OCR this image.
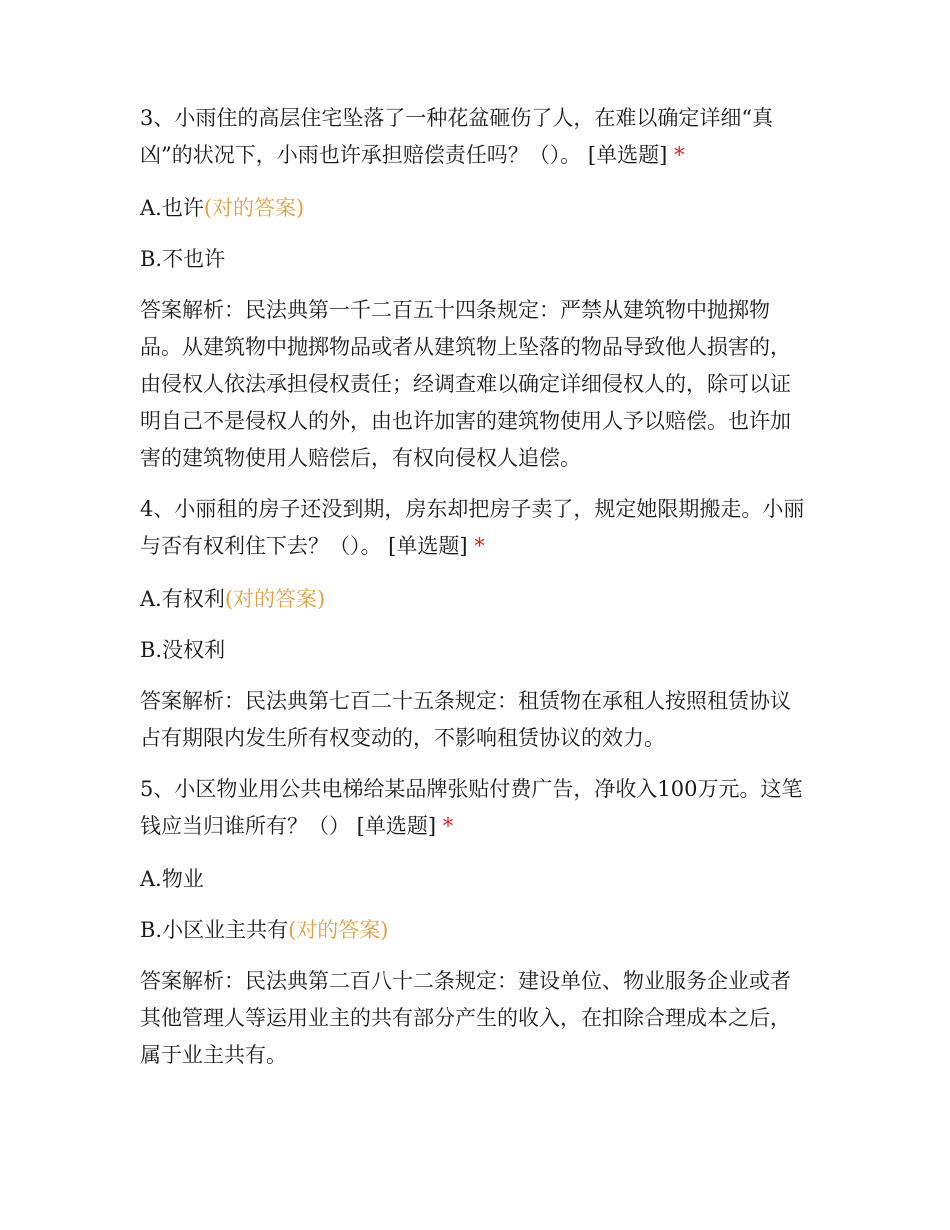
3、小雨住的高层住宅坠落了一种花盆砸伤了人，在难以确定详细“真凶”的状况下，小雨也许承担赔偿责任吗？（）。 [单选题] *
A.也许(对的答案)
B.不也许
答案解析：民法典第一千二百五十四条规定：严禁从建筑物中抛掷物品。从建筑物中抛掷物品或者从建筑物上坠落的物品导致他人损害的，由侵权人依法承担侵权责任；经调查难以确定详细侵权人的，除可以证明自己不是侵权人的外，由也许加害的建筑物使用人予以赔偿。也许加害的建筑物使用人赔偿后，有权向侵权人追偿。
4、小丽租的房子还没到期，房东却把房子卖了，规定她限期搬走。小丽与否有权利住下去？（）。 [单选题] *
A.有权利(对的答案)
B.没权利
答案解析：民法典第七百二十五条规定：租赁物在承租人按照租赁协议占有期限内发生所有权变动的，不影响租赁协议的效力。
5、小区物业用公共电梯给某品牌张贴付费广告，净收入100万元。这笔钱应当归谁所有？（） [单选题] *
A.物业
B.小区业主共有(对的答案)
答案解析：民法典第二百八十二条规定：建设单位、物业服务企业或者其他管理人等运用业主的共有部分产生的收入，在扣除合理成本之后，属于业主共有。
